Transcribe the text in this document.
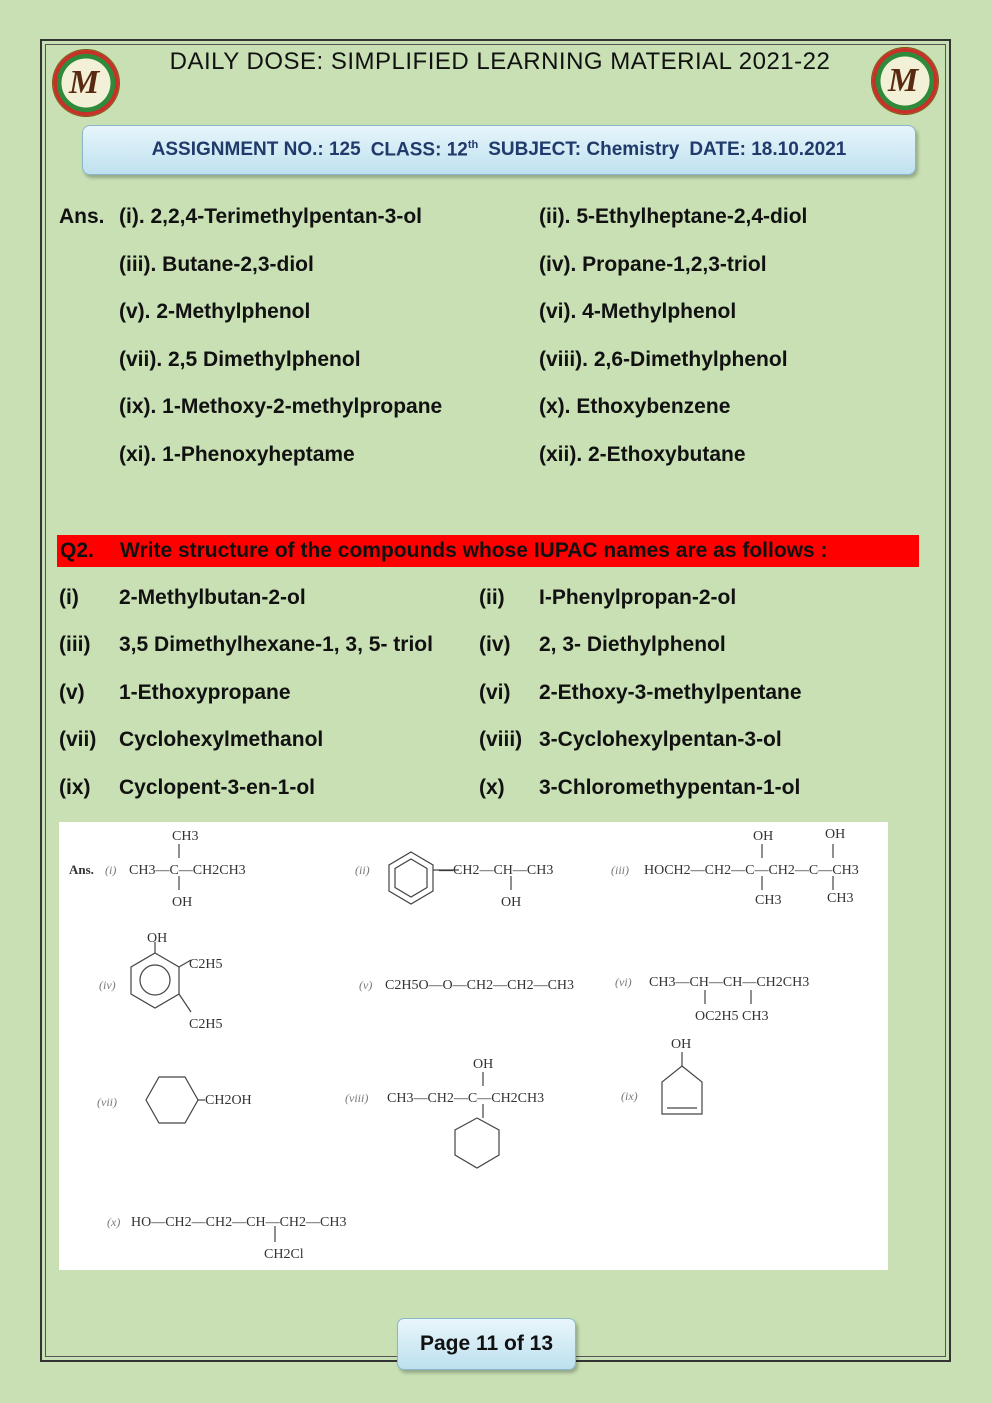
M	M
DAILY DOSE: SIMPLIFIED LEARNING MATERIAL 2021-22
ASSIGNMENT NO.: 125 CLASS: 12th SUBJECT: Chemistry DATE: 18.10.2021
Ans. (i). 2,2,4-Terimethylpentan-3-ol	(ii). 5-Ethylheptane-2,4-diol
(iii). Butane-2,3-diol	(iv). Propane-1,2,3-triol
(v). 2-Methylphenol	(vi). 4-Methylphenol
(vii). 2,5 Dimethylphenol	(viii). 2,6-Dimethylphenol
(ix). 1-Methoxy-2-methylpropane	(x). Ethoxybenzene
(xi). 1-Phenoxyheptame	(xii). 2-Ethoxybutane
Q2.	Write structure of the compounds whose IUPAC names are as follows :
(i) 2-Methylbutan-2-ol	(ii) I-Phenylpropan-2-ol
(iii) 3,5 Dimethylhexane-1, 3, 5- triol (iv) 2, 3- Diethylphenol
(v) 1-Ethoxypropane	(vi) 2-Ethoxy-3-methylpentane
(vii) Cyclohexylmethanol	(viii) 3-Cyclohexylpentan-3-ol
(ix) Cyclopent-3-en-1-ol	(x) 3-Chloromethypentan-1-ol
Ans. (i)
CH3
CH3—C—CH2CH3
OH
(ii)	—CH2—CH—CH3
OH
(iii) HOCH2—CH2—C—CH2—C—CH3
OH	OH
CH3	CH3
(iv)
OH
C2H5
C2H5
(v) C2H5O—O—CH2—CH2—CH3	(vi) CH3—CH—CH—CH2CH3
OC2H5 CH3
(vii)	CH2OH	(viii) CH3—CH2—C—CH2CH3
OH
(ix)
OH
(x) HO—CH2—CH2—CH—CH2—CH3
CH2Cl
Page 11 of 13
